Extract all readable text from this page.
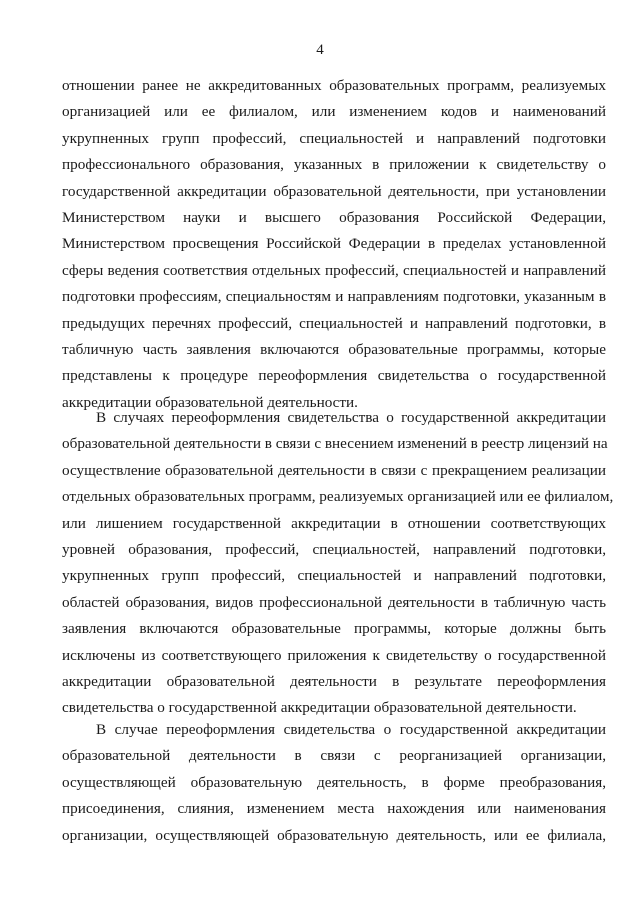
4
отношении ранее не аккредитованных образовательных программ, реализуемых
организацией или ее филиалом, или изменением кодов и наименований
укрупненных групп профессий, специальностей и направлений подготовки
профессионального образования, указанных в приложении к свидетельству о
государственной аккредитации образовательной деятельности, при установлении
Министерством науки и высшего образования Российской Федерации,
Министерством просвещения Российской Федерации в пределах установленной
сферы ведения соответствия отдельных профессий, специальностей и направлений
подготовки профессиям, специальностям и направлениям подготовки, указанным в
предыдущих перечнях профессий, специальностей и направлений подготовки, в
табличную часть заявления включаются образовательные программы, которые
представлены к процедуре переоформления свидетельства о государственной
аккредитации образовательной деятельности.
В случаях переоформления свидетельства о государственной аккредитации
образовательной деятельности в связи с внесением изменений в реестр лицензий на
осуществление образовательной деятельности в связи с прекращением реализации
отдельных образовательных программ, реализуемых организацией или ее филиалом,
или лишением государственной аккредитации в отношении соответствующих
уровней образования, профессий, специальностей, направлений подготовки,
укрупненных групп профессий, специальностей и направлений подготовки,
областей образования, видов профессиональной деятельности в табличную часть
заявления включаются образовательные программы, которые должны быть
исключены из соответствующего приложения к свидетельству о государственной
аккредитации образовательной деятельности в результате переоформления
свидетельства о государственной аккредитации образовательной деятельности.
В случае переоформления свидетельства о государственной аккредитации
образовательной деятельности в связи с реорганизацией организации,
осуществляющей образовательную деятельность, в форме преобразования,
присоединения, слияния, изменением места нахождения или наименования
организации, осуществляющей образовательную деятельность, или ее филиала,
